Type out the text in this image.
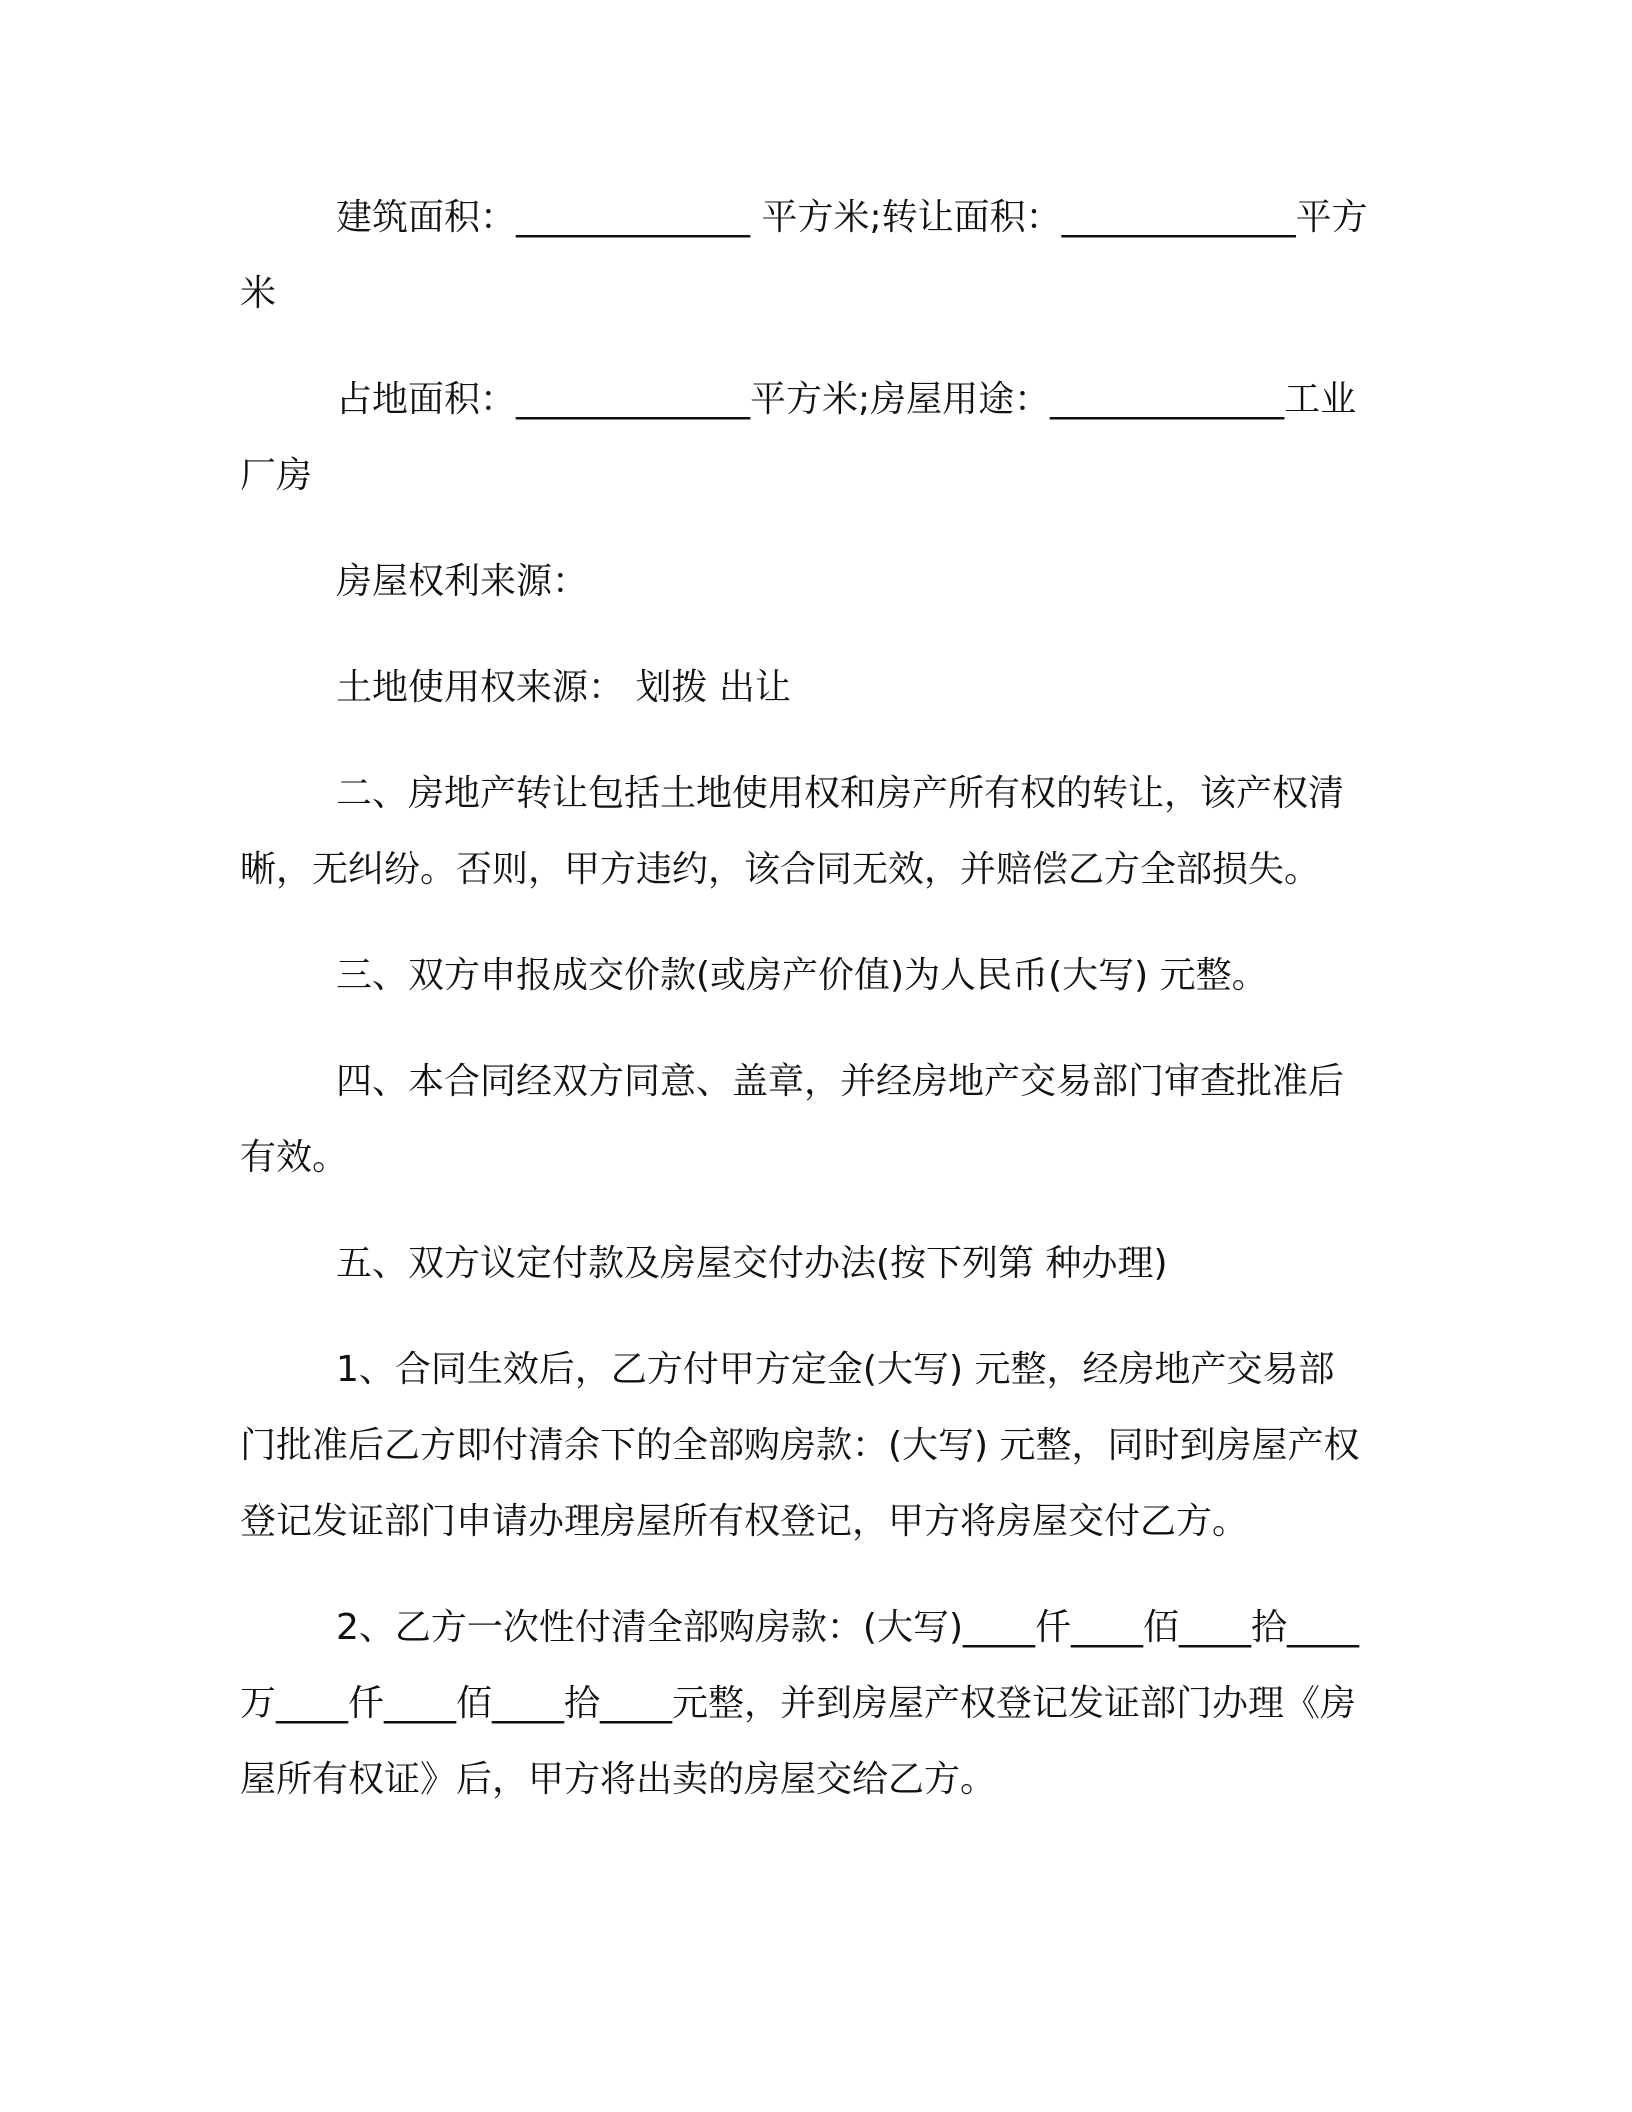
建筑面积：_____________ 平方米;转让面积：_____________平方米

占地面积：_____________平方米;房屋用途：_____________工业厂房

房屋权利来源：

土地使用权来源： 划拨 出让

二、房地产转让包括土地使用权和房产所有权的转让，该产权清晰，无纠纷。否则，甲方违约，该合同无效，并赔偿乙方全部损失。

三、双方申报成交价款(或房产价值)为人民币(大写) 元整。

四、本合同经双方同意、盖章，并经房地产交易部门审查批准后有效。

五、双方议定付款及房屋交付办法(按下列第 种办理)

1、合同生效后，乙方付甲方定金(大写) 元整，经房地产交易部门批准后乙方即付清余下的全部购房款：(大写) 元整，同时到房屋产权登记发证部门申请办理房屋所有权登记，甲方将房屋交付乙方。

2、乙方一次性付清全部购房款：(大写)____仟____佰____拾____万____仟____佰____拾____元整，并到房屋产权登记发证部门办理《房屋所有权证》后，甲方将出卖的房屋交给乙方。
